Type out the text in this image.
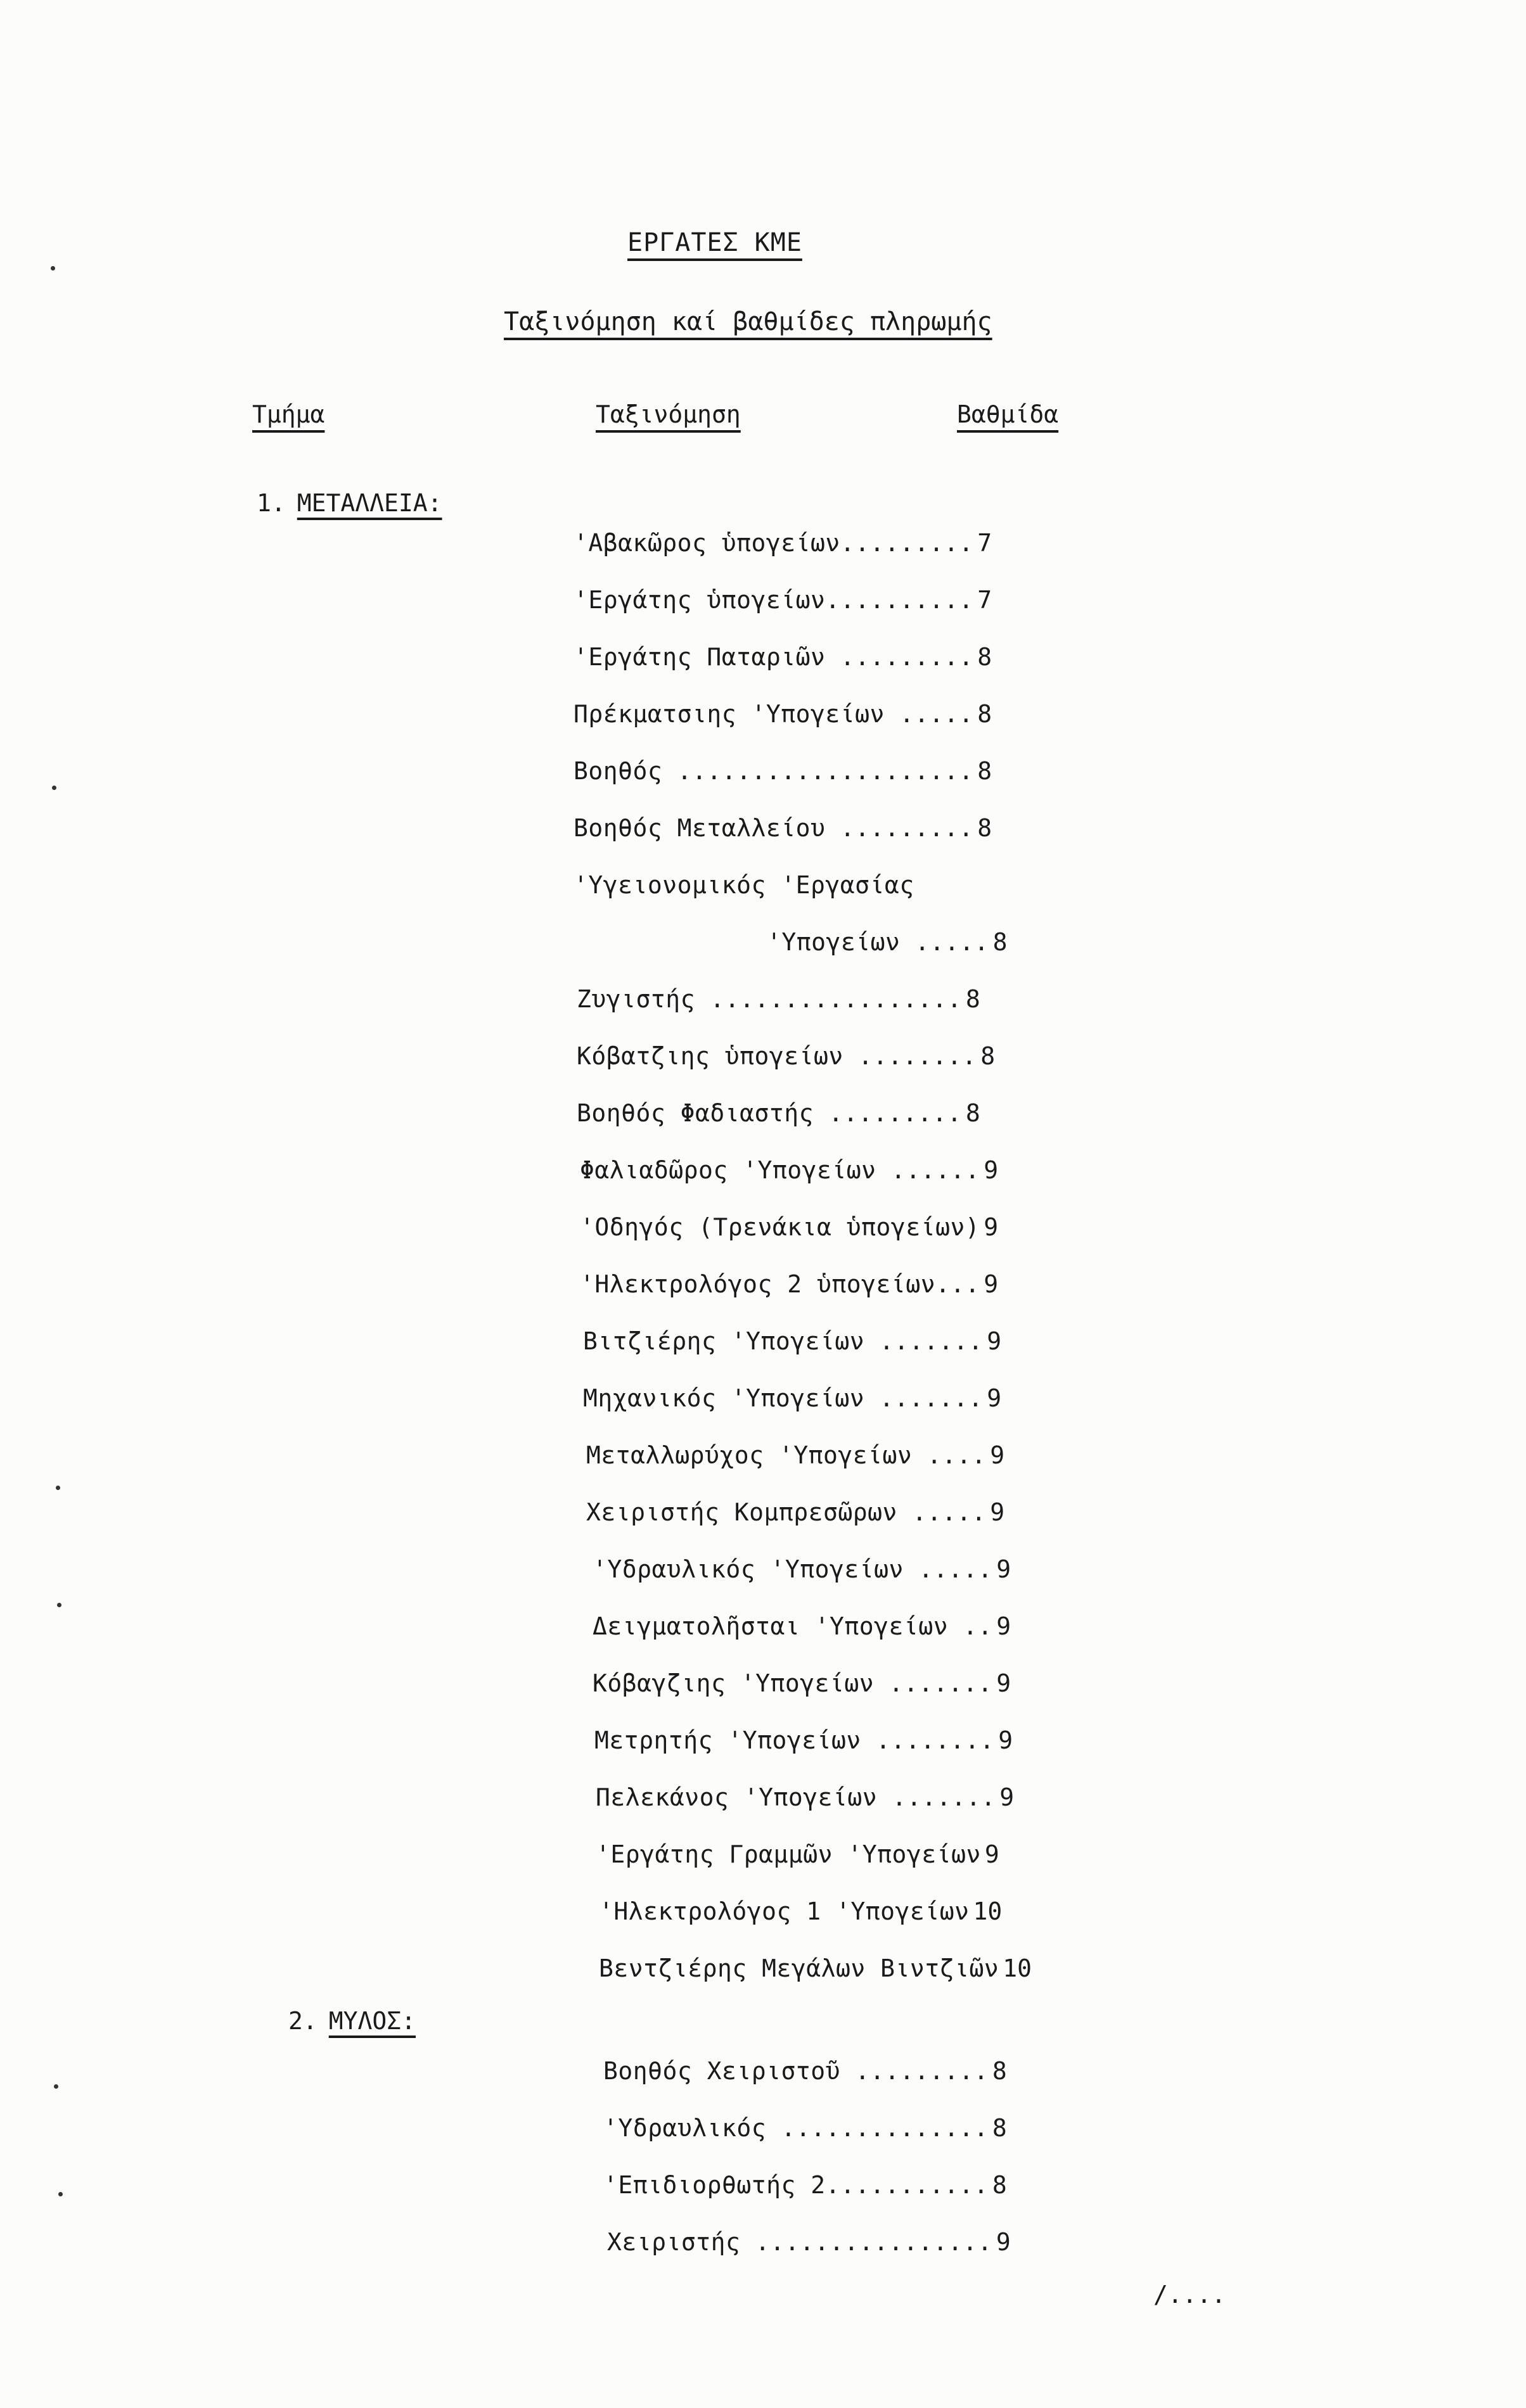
ΕΡΓΑΤΕΣ ΚΜΕ
Ταξινόμηση καί βαθμίδες πληρωμής
Τμήμα	Ταξινόμηση	Βαθμίδα
1. ΜΕΤΑΛΛΕΙΑ:
'Αβακῶρος ὑπογείων......... 7
'Εργάτης ὑπογείων.......... 7
'Εργάτης Παταριῶν ......... 8
Πρέκματσιης 'Υπογείων ..... 8
Βοηθός .................... 8
Βοηθός Μεταλλείου ......... 8
'Υγειονομικός 'Εργασίας
'Υπογείων ..... 8
Ζυγιστής ................. 8
Κόβατζιης ὑπογείων ........ 8
Βοηθός Φαδιαστής ......... 8
Φαλιαδῶρος 'Υπογείων ...... 9
'Οδηγός (Τρενάκια ὑπογείων) 9
'Ηλεκτρολόγος 2 ὑπογείων... 9
Βιτζιέρης 'Υπογείων ....... 9
Μηχανικός 'Υπογείων ....... 9
Μεταλλωρύχος 'Υπογείων .... 9
Χειριστής Κομπρεσῶρων ..... 9
'Υδραυλικός 'Υπογείων ..... 9
Δειγματολῆσται 'Υπογείων .. 9
Κόβαγζιης 'Υπογείων ....... 9
Μετρητής 'Υπογείων ........ 9
Πελεκάνος 'Υπογείων ....... 9
'Εργάτης Γραμμῶν 'Υπογείων 9
'Ηλεκτρολόγος 1 'Υπογείων 10
Βεντζιέρης Μεγάλων Βιντζιῶν 10
2. ΜΥΛΟΣ:
Βοηθός Χειριστοῦ ......... 8
'Υδραυλικός .............. 8
'Επιδιορθωτής 2........... 8
Χειριστής ................ 9
/....
